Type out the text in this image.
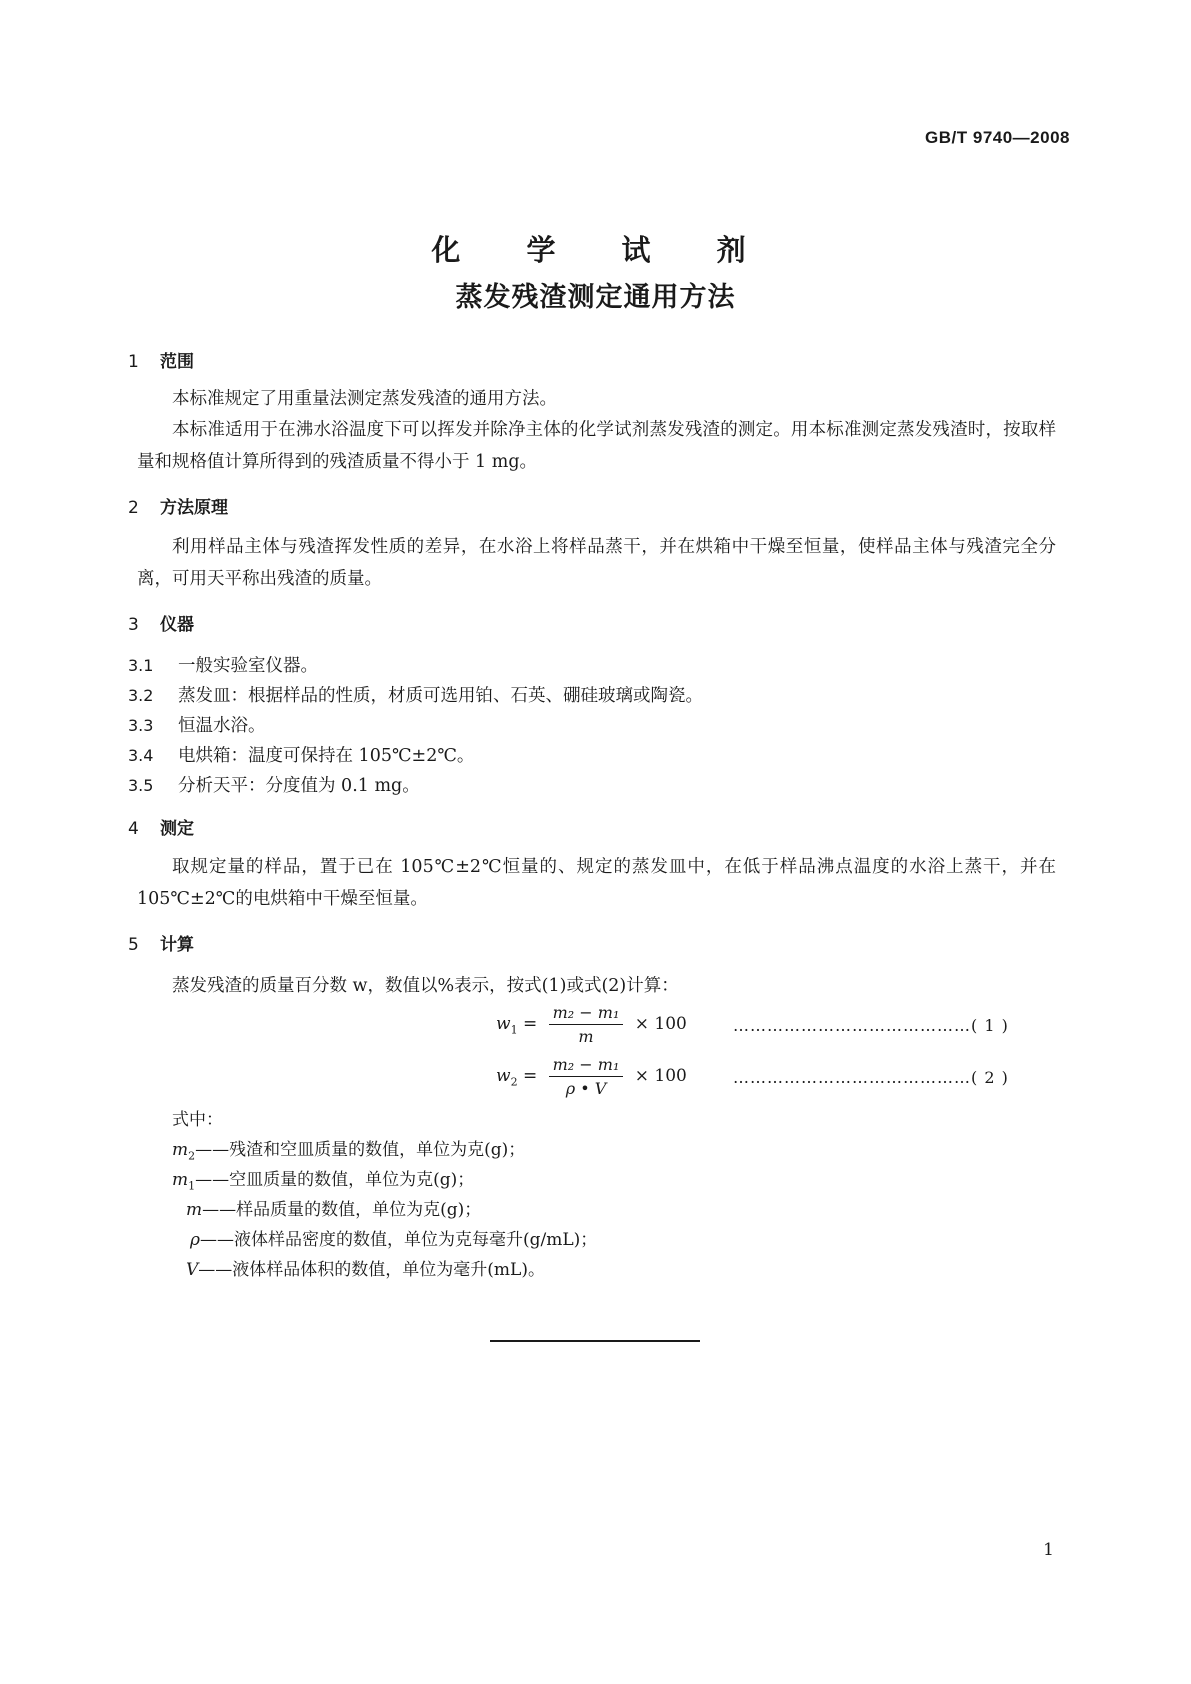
GB/T 9740—2008
化 学 试 剂
蒸发残渣测定通用方法
1 范围
本标准规定了用重量法测定蒸发残渣的通用方法。
本标准适用于在沸水浴温度下可以挥发并除净主体的化学试剂蒸发残渣的测定。用本标准测定蒸发残渣时，按取样量和规格值计算所得到的残渣质量不得小于 1 mg。
2 方法原理
利用样品主体与残渣挥发性质的差异，在水浴上将样品蒸干，并在烘箱中干燥至恒量，使样品主体与残渣完全分离，可用天平称出残渣的质量。
3 仪器
3.1 一般实验室仪器。
3.2 蒸发皿：根据样品的性质，材质可选用铂、石英、硼硅玻璃或陶瓷。
3.3 恒温水浴。
3.4 电烘箱：温度可保持在 105℃±2℃。
3.5 分析天平：分度值为 0.1 mg。
4 测定
取规定量的样品，置于已在 105℃±2℃恒量的、规定的蒸发皿中，在低于样品沸点温度的水浴上蒸干，并在 105℃±2℃的电烘箱中干燥至恒量。
5 计算
蒸发残渣的质量百分数 w，数值以%表示，按式(1)或式(2)计算：
$w_1 = \frac{\text{m₂ − m₁}}{m} \times 100$	……………………………………( 1 )
$w_2 = \frac{\text{m₂ − m₁}}{\rho • V} \times 100$	……………………………………( 2 )
式中：
$m_2——$残渣和空皿质量的数值，单位为克(g)；
$m_1——$空皿质量的数值，单位为克(g)；
m——样品质量的数值，单位为克(g)；
ρ——液体样品密度的数值，单位为克每毫升(g/mL)；
V——液体样品体积的数值，单位为毫升(mL)。
1
